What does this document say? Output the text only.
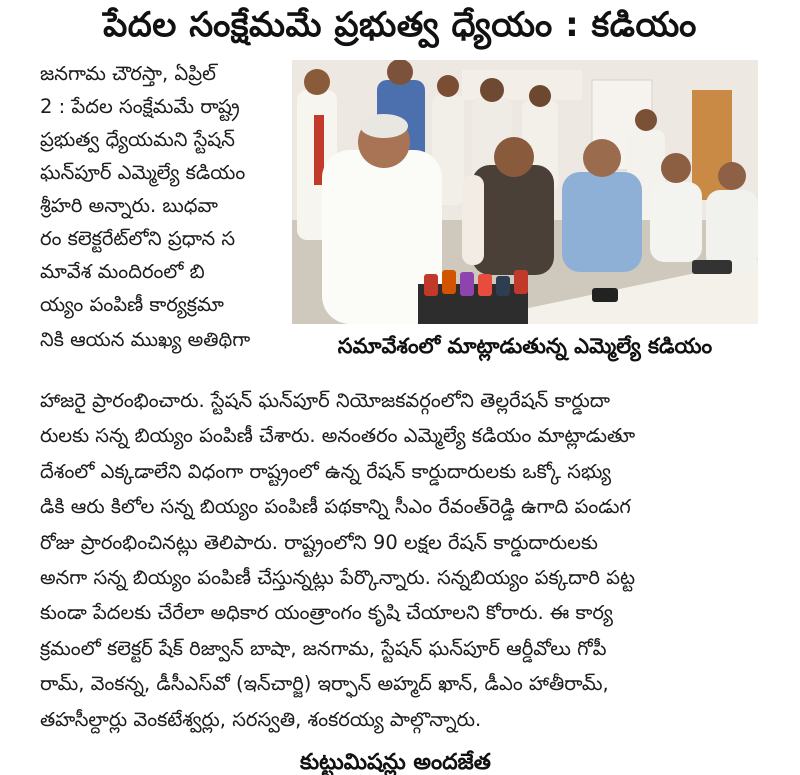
పేదల సంక్షేమమే ప్రభుత్వ ధ్యేయం : కడియం
జనగామ చౌరస్తా, ఏప్రిల్
2 : పేదల సంక్షేమమే రాష్ట్ర
ప్రభుత్వ ధ్యేయమని స్టేషన్
ఘన్‌పూర్ ఎమ్మెల్యే కడియం
శ్రీహరి అన్నారు. బుధవా
రం కలెక్టరేట్‌లోని ప్రధాన స
మావేశ మందిరంలో బి
య్యం పంపిణీ కార్యక్రమా
నికి ఆయన ముఖ్య అతిథిగా	సమావేశంలో మాట్లాడుతున్న ఎమ్మెల్యే కడియం
హాజరై ప్రారంభించారు. స్టేషన్ ఘన్‌పూర్ నియోజకవర్గంలోని తెల్లరేషన్ కార్డుదా
రులకు సన్న బియ్యం పంపిణీ చేశారు. అనంతరం ఎమ్మెల్యే కడియం మాట్లాడుతూ
దేశంలో ఎక్కడాలేని విధంగా రాష్ట్రంలో ఉన్న రేషన్ కార్డుదారులకు ఒక్కో సభ్యు
డికి ఆరు కిలోల సన్న బియ్యం పంపిణీ పథకాన్ని సీఎం రేవంత్‌రెడ్డి ఉగాది పండుగ
రోజు ప్రారంభించినట్లు తెలిపారు. రాష్ట్రంలోని 90 లక్షల రేషన్ కార్డుదారులకు
అనగా సన్న బియ్యం పంపిణీ చేస్తున్నట్లు పేర్కొన్నారు. సన్నబియ్యం పక్కదారి పట్ట
కుండా పేదలకు చేరేలా అధికార యంత్రాంగం కృషి చేయాలని కోరారు. ఈ కార్య
క్రమంలో కలెక్టర్ షేక్ రిజ్వాన్ బాషా, జనగామ, స్టేషన్ ఘన్‌పూర్ ఆర్డీవోలు గోపీ
రామ్, వెంకన్న, డీసీఎస్‌వో (ఇన్‌చార్జి) ఇర్ఫాన్ అహ్మద్ ఖాన్, డీఎం హాతీరామ్,
తహసీల్దార్లు వెంకటేశ్వర్లు, సరస్వతి, శంకరయ్య పాల్గొన్నారు.
కుట్టుమిషన్లు అందజేత
